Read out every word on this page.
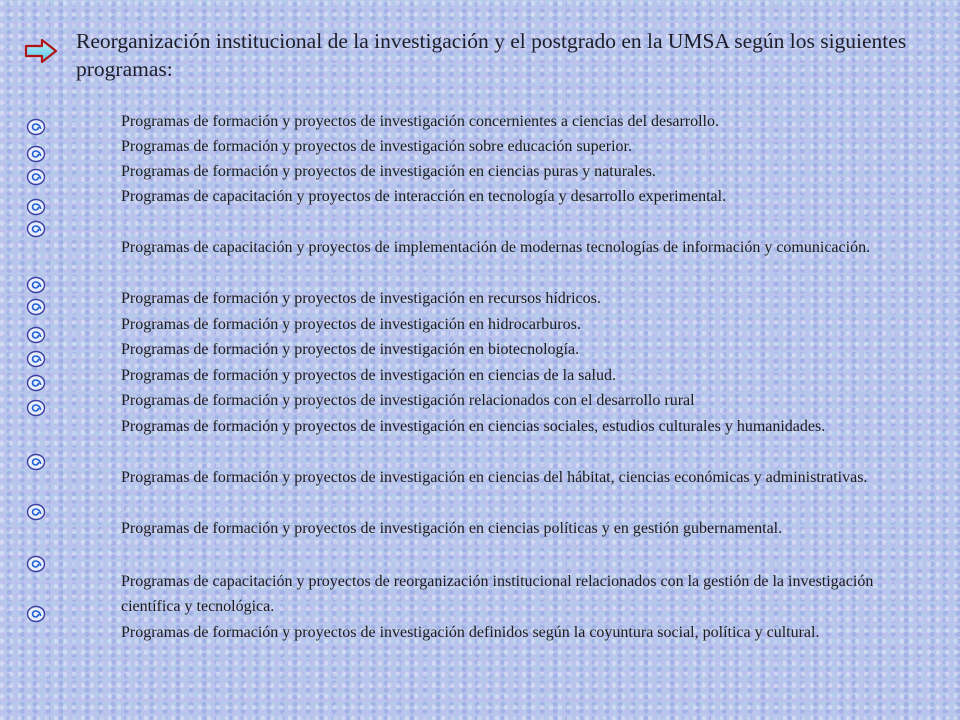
Reorganización institucional de la investigación y el postgrado en la UMSA según los siguientes programas:
Programas de formación y proyectos de investigación concernientes a ciencias del desarrollo.
Programas de formación y proyectos de investigación sobre educación superior.
Programas de formación y proyectos de investigación en ciencias puras y naturales.
Programas de capacitación y proyectos de interacción en tecnología y desarrollo experimental.
Programas de capacitación y proyectos de implementación de modernas tecnologías de información y comunicación.
Programas de formación y proyectos de investigación en recursos hídricos.
Programas de formación y proyectos de investigación en hidrocarburos.
Programas de formación y proyectos de investigación en biotecnología.
Programas de formación y proyectos de investigación en ciencias de la salud.
Programas de formación y proyectos de investigación relacionados con el desarrollo rural
Programas de formación y proyectos de investigación en ciencias sociales, estudios culturales y humanidades.
Programas de formación y proyectos de investigación en ciencias del hábitat, ciencias económicas y administrativas.
Programas de formación y proyectos de investigación en ciencias políticas y en gestión gubernamental.
Programas de capacitación y proyectos de reorganización institucional relacionados con la gestión de la investigación científica y tecnológica.
Programas de formación y proyectos de investigación definidos según la coyuntura social, política y cultural.
